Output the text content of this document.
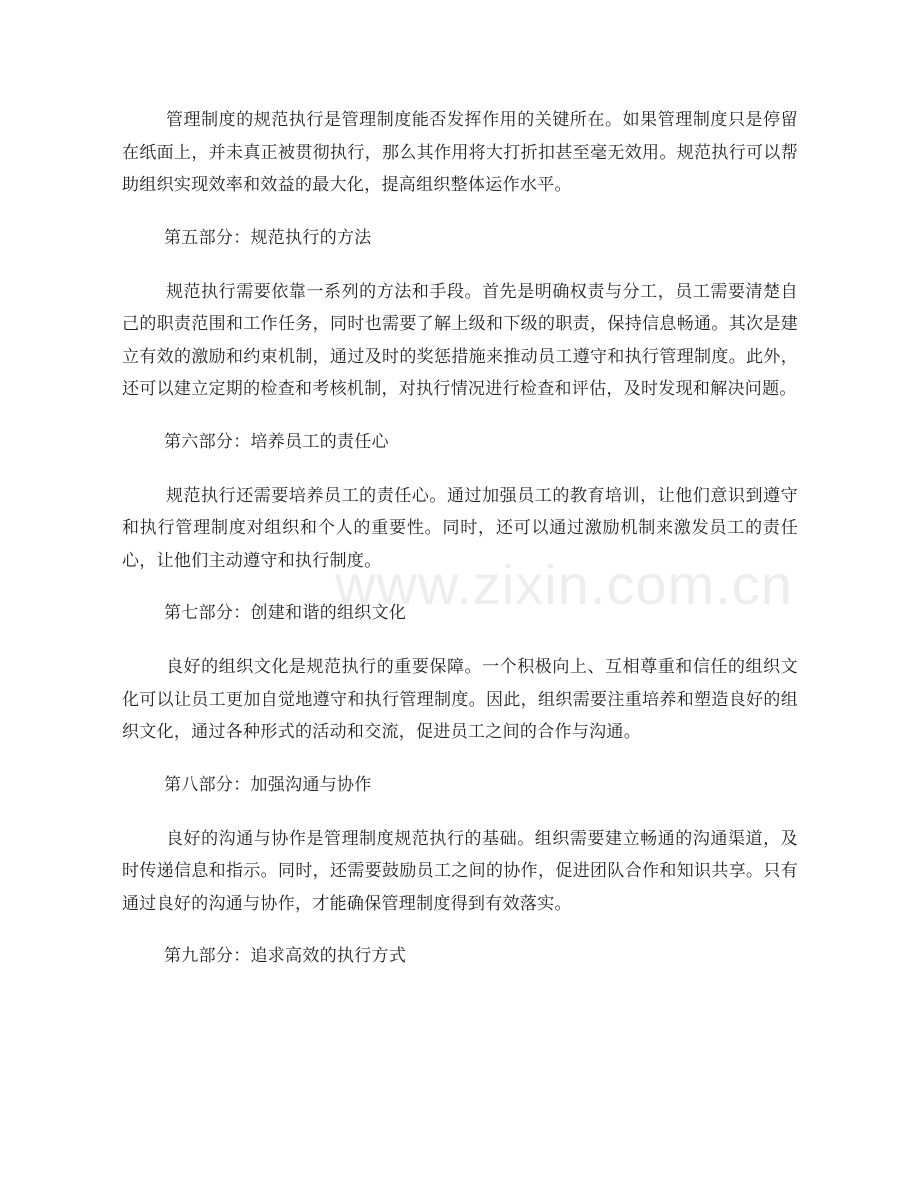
管理制度的规范执行是管理制度能否发挥作用的关键所在。如果管理制度只是停留在纸面上，并未真正被贯彻执行，那么其作用将大打折扣甚至毫无效用。规范执行可以帮助组织实现效率和效益的最大化，提高组织整体运作水平。

第五部分：规范执行的方法

规范执行需要依靠一系列的方法和手段。首先是明确权责与分工，员工需要清楚自己的职责范围和工作任务，同时也需要了解上级和下级的职责，保持信息畅通。其次是建立有效的激励和约束机制，通过及时的奖惩措施来推动员工遵守和执行管理制度。此外，还可以建立定期的检查和考核机制，对执行情况进行检查和评估，及时发现和解决问题。

第六部分：培养员工的责任心

规范执行还需要培养员工的责任心。通过加强员工的教育培训，让他们意识到遵守和执行管理制度对组织和个人的重要性。同时，还可以通过激励机制来激发员工的责任心，让他们主动遵守和执行制度。

第七部分：创建和谐的组织文化

良好的组织文化是规范执行的重要保障。一个积极向上、互相尊重和信任的组织文化可以让员工更加自觉地遵守和执行管理制度。因此，组织需要注重培养和塑造良好的组织文化，通过各种形式的活动和交流，促进员工之间的合作与沟通。

第八部分：加强沟通与协作

良好的沟通与协作是管理制度规范执行的基础。组织需要建立畅通的沟通渠道，及时传递信息和指示。同时，还需要鼓励员工之间的协作，促进团队合作和知识共享。只有通过良好的沟通与协作，才能确保管理制度得到有效落实。

第九部分：追求高效的执行方式

www.zixin.com.cn
